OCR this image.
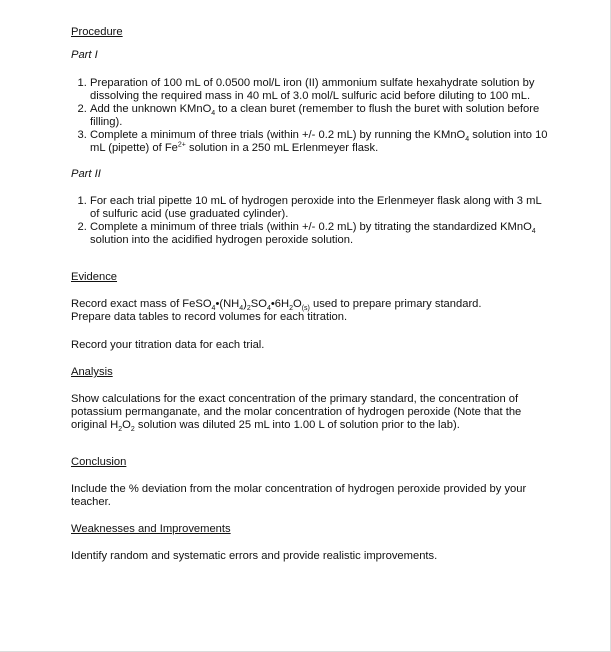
Procedure

Part I

1. Preparation of 100 mL of 0.0500 mol/L iron (II) ammonium sulfate hexahydrate solution by dissolving the required mass in 40 mL of 3.0 mol/L sulfuric acid before diluting to 100 mL.
2. Add the unknown KMnO$_4$ to a clean buret (remember to flush the buret with solution before filling).
3. Complete a minimum of three trials (within +/- 0.2 mL) by running the KMnO$_4$ solution into 10 mL (pipette) of $Fe^{2+}$ solution in a 250 mL Erlenmeyer flask.

Part II

1. For each trial pipette 10 mL of hydrogen peroxide into the Erlenmeyer flask along with 3 mL of sulfuric acid (use graduated cylinder).
2. Complete a minimum of three trials (within +/- 0.2 mL) by titrating the standardized KMnO$_4$ solution into the acidified hydrogen peroxide solution.

Evidence

Record exact mass of $FeSO_4•(NH_4)_2SO_4•6H_2O_{(s)}$ used to prepare primary standard.

Prepare data tables to record volumes for each titration.

Record your titration data for each trial.

Analysis

Show calculations for the exact concentration of the primary standard, the concentration of potassium permanganate, and the molar concentration of hydrogen peroxide (Note that the original $H_2O_2$ solution was diluted 25 mL into 1.00 L of solution prior to the lab).

Conclusion

Include the % deviation from the molar concentration of hydrogen peroxide provided by your teacher.

Weaknesses and Improvements

Identify random and systematic errors and provide realistic improvements.
